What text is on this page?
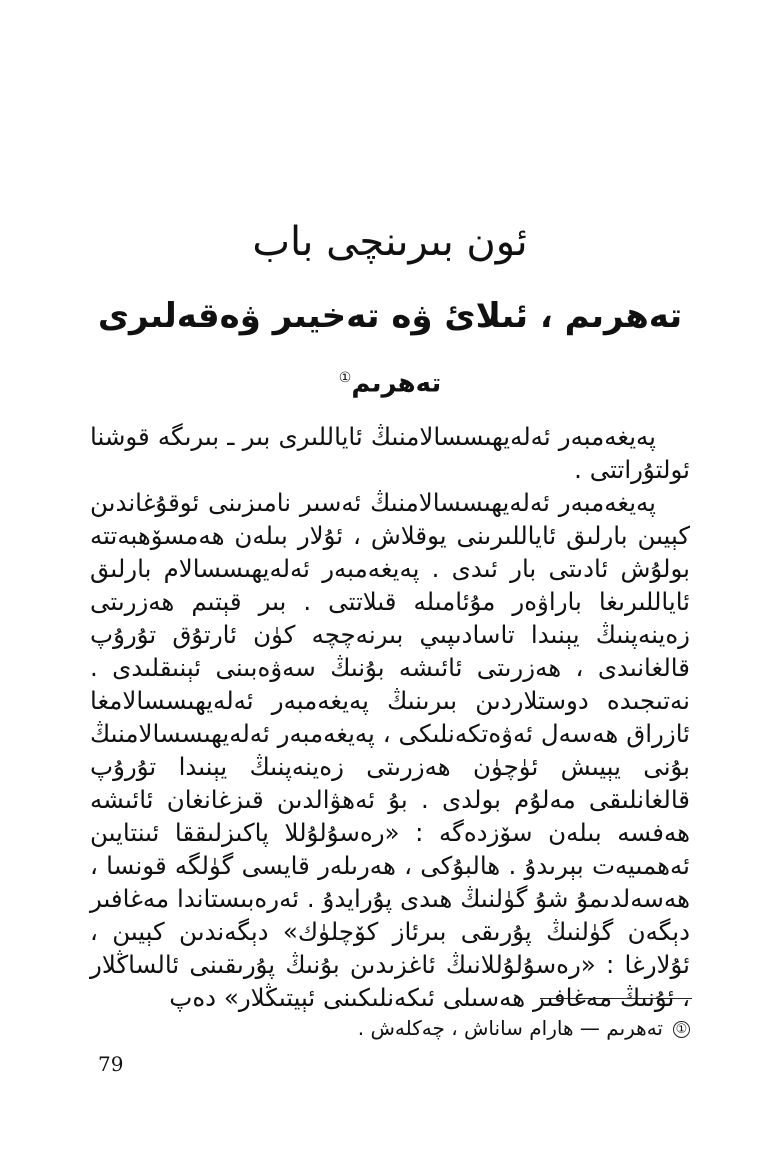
ئون بىرىنچى باب
تەھرىم ، ئىلائ ۋە تەخيىر ۋەقەلىرى
تەھرىم①

پەيغەمبەر ئەلەيھىسسالامنىڭ ئاياللىرى بىر ـ بىرىگە قوشنا ئولتۇراتتى .

پەيغەمبەر ئەلەيھىسسالامنىڭ ئەسىر نامىزىنى ئوقۇغاندىن كېيىن بارلىق ئاياللىرىنى يوقلاش ، ئۇلار بىلەن ھەمسۆھبەتتە بولۇش ئادىتى بار ئىدى . پەيغەمبەر ئەلەيھىسسالام بارلىق ئاياللىرىغا باراۋەر مۇئامىلە قىلاتتى . بىر قېتىم ھەزرىتى زەينەپنىڭ يېنىدا تاسادىپىي بىرنەچچە كۈن ئارتۇق تۇرۇپ قالغانىدى ، ھەزرىتى ئائىشە بۇنىڭ سەۋەبىنى ئېنىقلىدى . نەتىجىدە دوستلاردىن بىرىنىڭ پەيغەمبەر ئەلەيھىسسالامغا ئازراق ھەسەل ئەۋەتكەنلىكى ، پەيغەمبەر ئەلەيھىسسالامنىڭ بۇنى يېيىش ئۈچۈن ھەزرىتى زەينەپنىڭ يېنىدا تۇرۇپ قالغانلىقى مەلۇم بولدى . بۇ ئەھۋالدىن قىزغانغان ئائىشە ھەفسە بىلەن سۆزدەگە : «رەسۇلۇللا پاكىزلىققا ئىنتايىن ئەھمىيەت بېرىدۇ . ھالبۇكى ، ھەرىلەر قايسى گۈلگە قونسا ، ھەسەلدىمۇ شۇ گۈلنىڭ ھىدى پۇرايدۇ . ئەرەبىستاندا مەغافىر دېگەن گۈلنىڭ پۇرىقى بىرئاز كۆچلۈك» دېگەندىن كېيىن ، ئۇلارغا : «رەسۇلۇللانىڭ ئاغزىدىن بۇنىڭ پۇرىقىنى ئالساڭلار ، ئۇنىڭ مەغافىر ھەسىلى ئىكەنلىكىنى ئېيتىڭلار» دەپ

①تەھرىم — ھارام ساناش ، چەكلەش .
79
